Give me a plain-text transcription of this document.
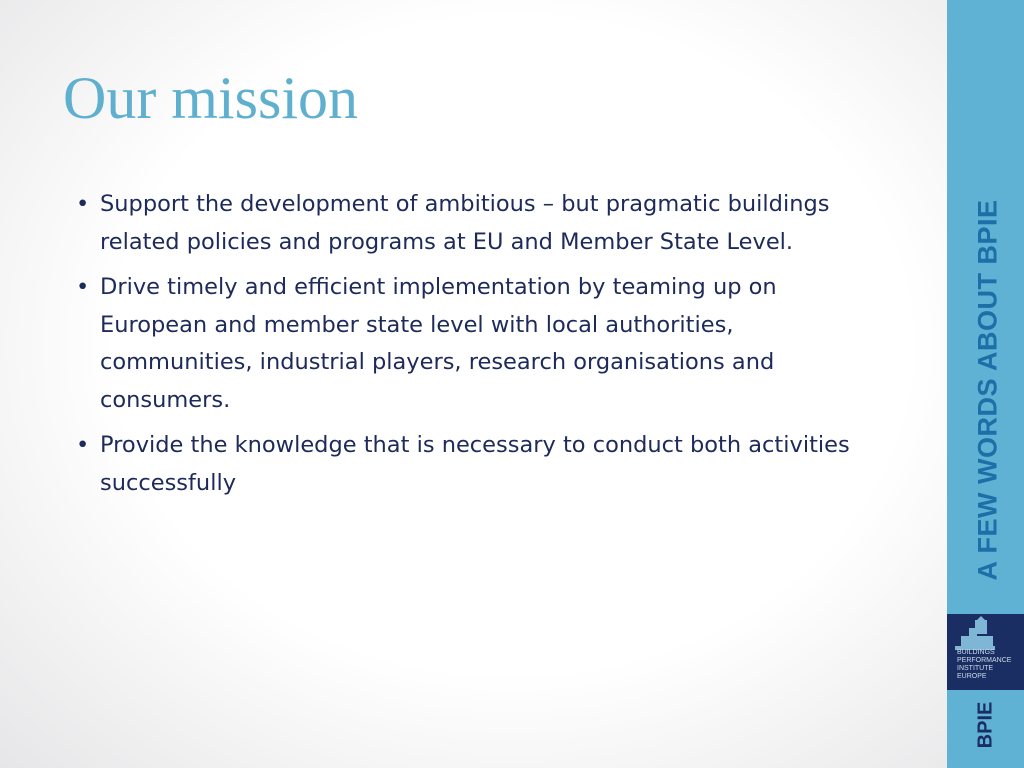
Our mission
• Support the development of ambitious – but pragmatic buildings related policies and programs at EU and Member State Level.
• Drive timely and efficient implementation by teaming up on European and member state level with local authorities, communities, industrial players, research organisations and consumers.
• Provide the knowledge that is necessary to conduct both activities successfully	A FEW WORDS ABOUT BPIE
BUILDINGS
PERFORMANCE
INSTITUTE
EUROPE
BPIE
